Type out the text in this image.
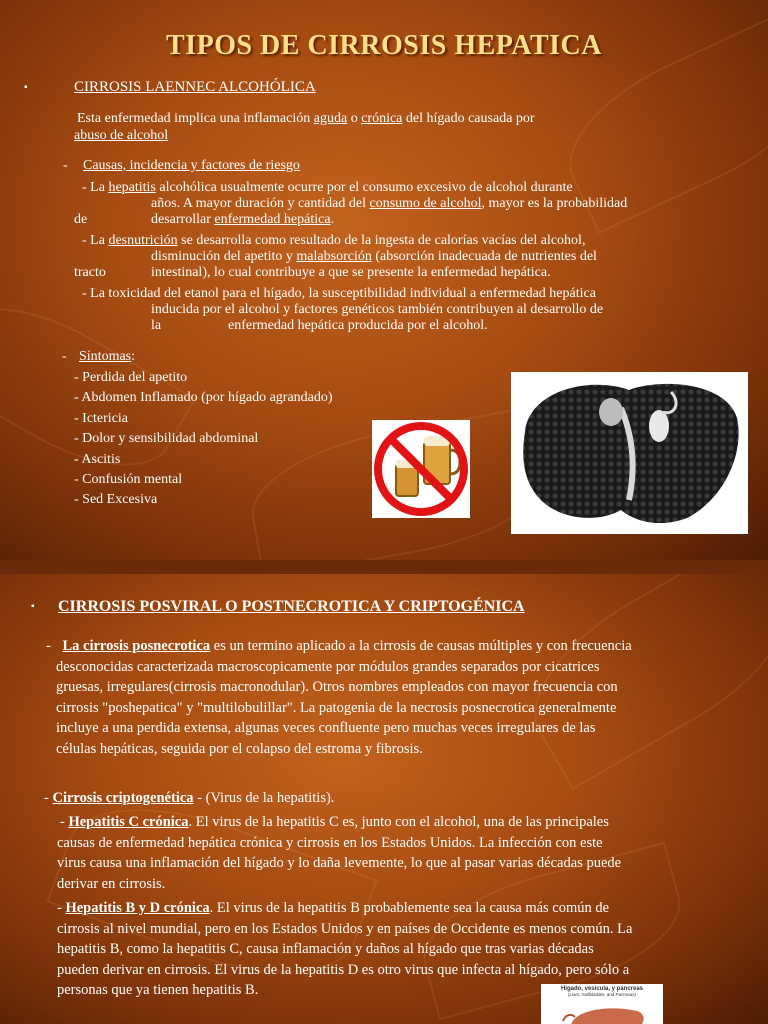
TIPOS DE CIRROSIS HEPATICA
▪	CIRROSIS LAENNEC ALCOHÓLICA
Esta enfermedad implica una inflamación aguda o crónica del hígado causada por
abuso de alcohol
- Causas, incidencia y factores de riesgo
- La hepatitis alcohólica usualmente ocurre por el consumo excesivo de alcohol durante
años. A mayor duración y cantidad del consumo de alcohol, mayor es la probabilidad
de	desarrollar enfermedad hepática.
- La desnutrición se desarrolla como resultado de la ingesta de calorías vacías del alcohol,
disminución del apetito y malabsorción (absorción inadecuada de nutrientes del
tracto	intestinal), lo cual contribuye a que se presente la enfermedad hepática.
- La toxicidad del etanol para el hígado, la susceptibilidad individual a enfermedad hepática
inducida por el alcohol y factores genéticos también contribuyen al desarrollo de
la	enfermedad hepática producida por el alcohol.
- Síntomas:
- Perdida del apetito
- Abdomen Inflamado (por hígado agrandado)
- Ictericia
- Dolor y sensibilidad abdominal
- Ascitis
- Confusión mental
- Sed Excesiva
▪ CIRROSIS POSVIRAL O POSTNECROTICA Y CRIPTOGÉNICA
- La cirrosis posnecrotica es un termino aplicado a la cirrosis de causas múltiples y con frecuencia
desconocidas caracterizada macroscopicamente por módulos grandes separados por cicatrices
gruesas, irregulares(cirrosis macronodular). Otros nombres empleados con mayor frecuencia con
cirrosis "poshepatica" y "multilobulillar". La patogenia de la necrosis posnecrotica generalmente
incluye a una perdida extensa, algunas veces confluente pero muchas veces irregulares de las
células hepáticas, seguida por el colapso del estroma y fibrosis.
- Cirrosis criptogenética - (Virus de la hepatitis).
- Hepatitis C crónica. El virus de la hepatitis C es, junto con el alcohol, una de las principales
causas de enfermedad hepática crónica y cirrosis en los Estados Unidos. La infección con este
virus causa una inflamación del hígado y lo daña levemente, lo que al pasar varias décadas puede
derivar en cirrosis.
- Hepatitis B y D crónica. El virus de la hepatitis B probablemente sea la causa más común de
cirrosis al nivel mundial, pero en los Estados Unidos y en países de Occidente es menos común. La
hepatitis B, como la hepatitis C, causa inflamación y daños al hígado que tras varias décadas
pueden derivar en cirrosis. El virus de la hepatitis D es otro virus que infecta al hígado, pero sólo a
personas que ya tienen hepatitis B.	Hígado, vesícula, y páncreas
(Liver, Gallbladder, and Pancreas)
